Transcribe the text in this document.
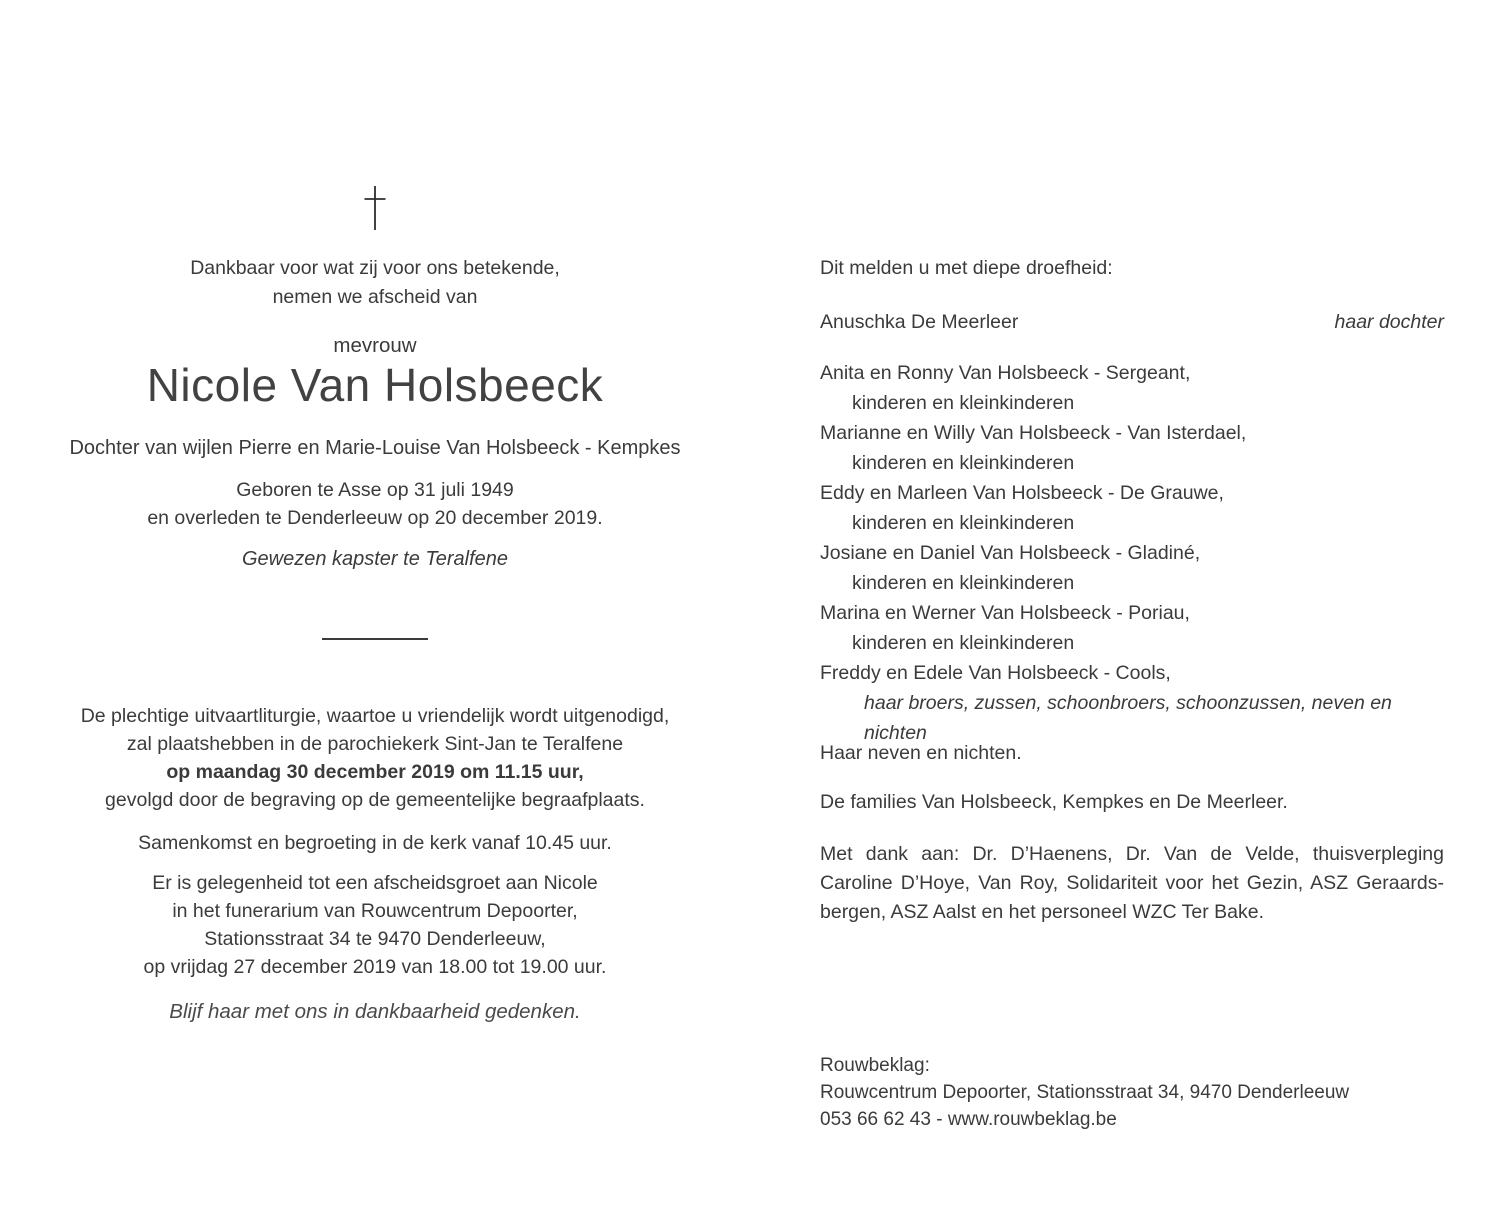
Dankbaar voor wat zij voor ons betekende,
nemen we afscheid van
mevrouw
Nicole Van Holsbeeck
Dochter van wijlen Pierre en Marie-Louise Van Holsbeeck - Kempkes
Geboren te Asse op 31 juli 1949
en overleden te Denderleeuw op 20 december 2019.
Gewezen kapster te Teralfene
De plechtige uitvaartliturgie, waartoe u vriendelijk wordt uitgenodigd,
zal plaatshebben in de parochiekerk Sint-Jan te Teralfene
op maandag 30 december 2019 om 11.15 uur,
gevolgd door de begraving op de gemeentelijke begraafplaats.
Samenkomst en begroeting in de kerk vanaf 10.45 uur.
Er is gelegenheid tot een afscheidsgroet aan Nicole
in het funerarium van Rouwcentrum Depoorter,
Stationsstraat 34 te 9470 Denderleeuw,
op vrijdag 27 december 2019 van 18.00 tot 19.00 uur.
Blijf haar met ons in dankbaarheid gedenken.
Dit melden u met diepe droefheid:
Anuschka De Meerleer	haar dochter
Anita en Ronny Van Holsbeeck - Sergeant,
kinderen en kleinkinderen
Marianne en Willy Van Holsbeeck - Van Isterdael,
kinderen en kleinkinderen
Eddy en Marleen Van Holsbeeck - De Grauwe,
kinderen en kleinkinderen
Josiane en Daniel Van Holsbeeck - Gladiné,
kinderen en kleinkinderen
Marina en Werner Van Holsbeeck - Poriau,
kinderen en kleinkinderen
Freddy en Edele Van Holsbeeck - Cools,
haar broers, zussen, schoonbroers, schoonzussen, neven en nichten
Haar neven en nichten.
De families Van Holsbeeck, Kempkes en De Meerleer.
Met dank aan: Dr. D’Haenens, Dr. Van de Velde, thuisverpleging
Caroline D’Hoye, Van Roy, Solidariteit voor het Gezin, ASZ Geraards-
bergen, ASZ Aalst en het personeel WZC Ter Bake.
Rouwbeklag:
Rouwcentrum Depoorter, Stationsstraat 34, 9470 Denderleeuw
053 66 62 43 - www.rouwbeklag.be
